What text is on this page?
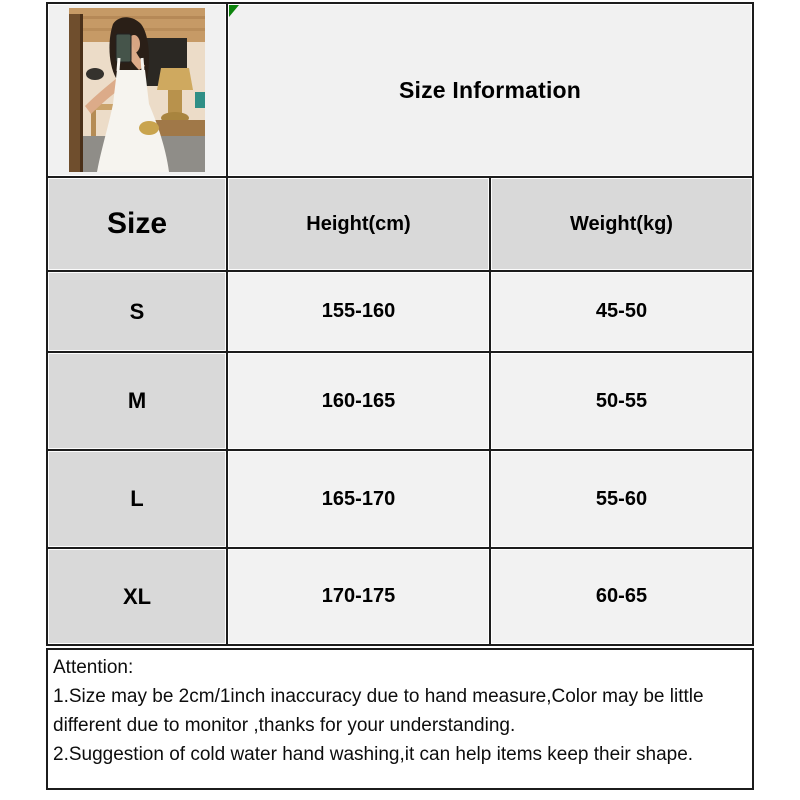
Size Information
Size	Height(cm)	Weight(kg)
S	155-160	45-50
M	160-165	50-55
L	165-170	55-60
XL	170-175	60-65
Attention:
1.Size may be 2cm/1inch inaccuracy due to hand measure,Color may be little
different due to monitor ,thanks for your understanding.
2.Suggestion of cold water hand washing,it can help items keep their shape.
